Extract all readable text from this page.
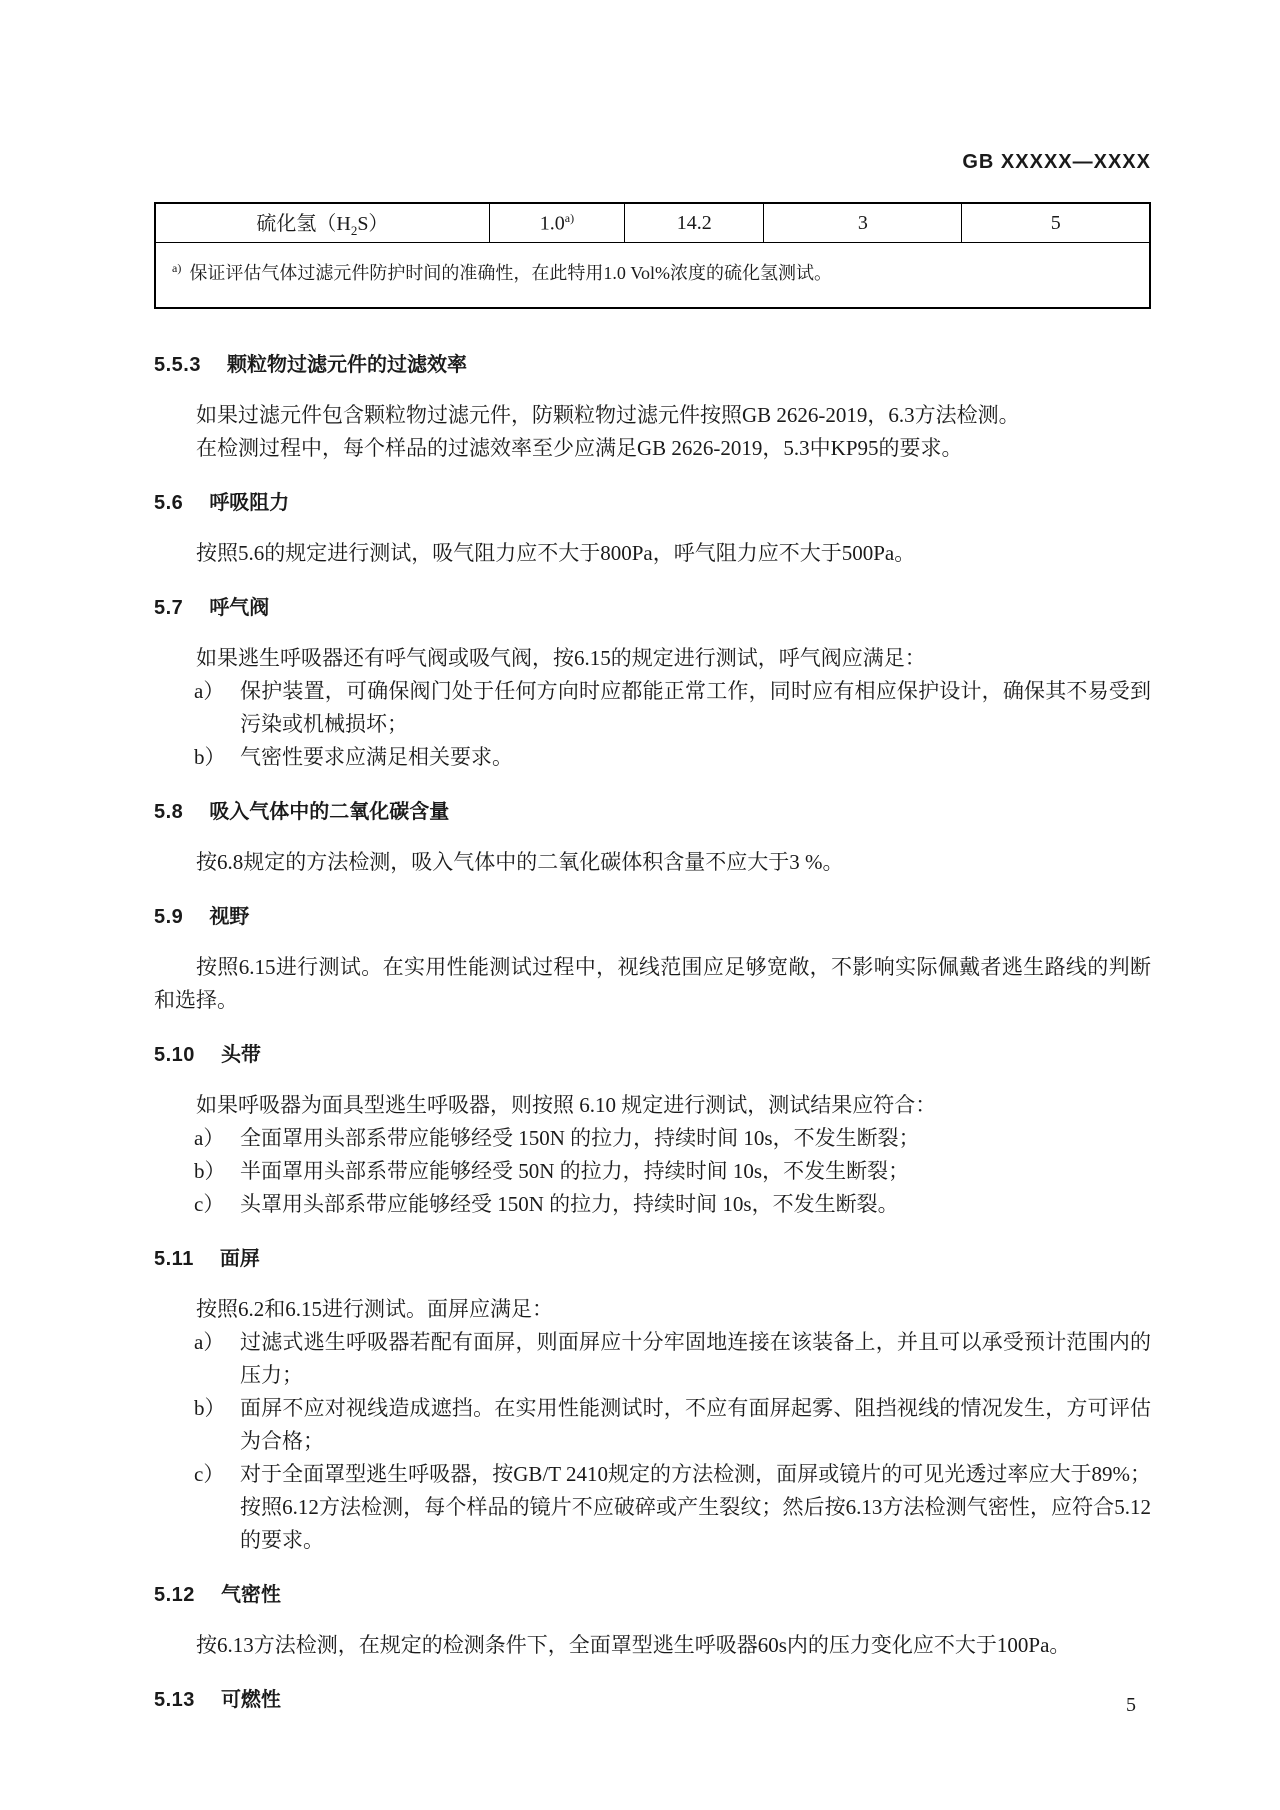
GB XXXXX—XXXX
硫化氢$(H_2S)$	1.0$^{a)}$	14.2	3	5
$^{a)}$ 保证评估气体过滤元件防护时间的准确性，在此特用1.0 Vol%浓度的硫化氢测试。
5.5.3 颗粒物过滤元件的过滤效率

如果过滤元件包含颗粒物过滤元件，防颗粒物过滤元件按照GB 2626-2019，6.3方法检测。

在检测过程中，每个样品的过滤效率至少应满足GB 2626-2019，5.3中KP95的要求。

5.6 呼吸阻力

按照5.6的规定进行测试，吸气阻力应不大于800Pa，呼气阻力应不大于500Pa。

5.7 呼气阀

如果逃生呼吸器还有呼气阀或吸气阀，按6.15的规定进行测试，呼气阀应满足：

a） 保护装置，可确保阀门处于任何方向时应都能正常工作，同时应有相应保护设计，确保其不易受到污染或机械损坏；
b） 气密性要求应满足相关要求。
5.8 吸入气体中的二氧化碳含量

按6.8规定的方法检测，吸入气体中的二氧化碳体积含量不应大于3 %。

5.9 视野

按照6.15进行测试。在实用性能测试过程中，视线范围应足够宽敞，不影响实际佩戴者逃生路线的判断和选择。

5.10 头带

如果呼吸器为面具型逃生呼吸器，则按照 6.10 规定进行测试，测试结果应符合：

a） 全面罩用头部系带应能够经受 150N 的拉力，持续时间 10s，不发生断裂；
b） 半面罩用头部系带应能够经受 50N 的拉力，持续时间 10s，不发生断裂；
c） 头罩用头部系带应能够经受 150N 的拉力，持续时间 10s，不发生断裂。
5.11 面屏

按照6.2和6.15进行测试。面屏应满足：

a） 过滤式逃生呼吸器若配有面屏，则面屏应十分牢固地连接在该装备上，并且可以承受预计范围内的压力；
b） 面屏不应对视线造成遮挡。在实用性能测试时，不应有面屏起雾、阻挡视线的情况发生，方可评估为合格；
c） 对于全面罩型逃生呼吸器，按GB/T 2410规定的方法检测，面屏或镜片的可见光透过率应大于89%；按照6.12方法检测，每个样品的镜片不应破碎或产生裂纹；然后按6.13方法检测气密性，应符合5.12的要求。
5.12 气密性

按6.13方法检测，在规定的检测条件下，全面罩型逃生呼吸器60s内的压力变化应不大于100Pa。

5.13 可燃性	5
